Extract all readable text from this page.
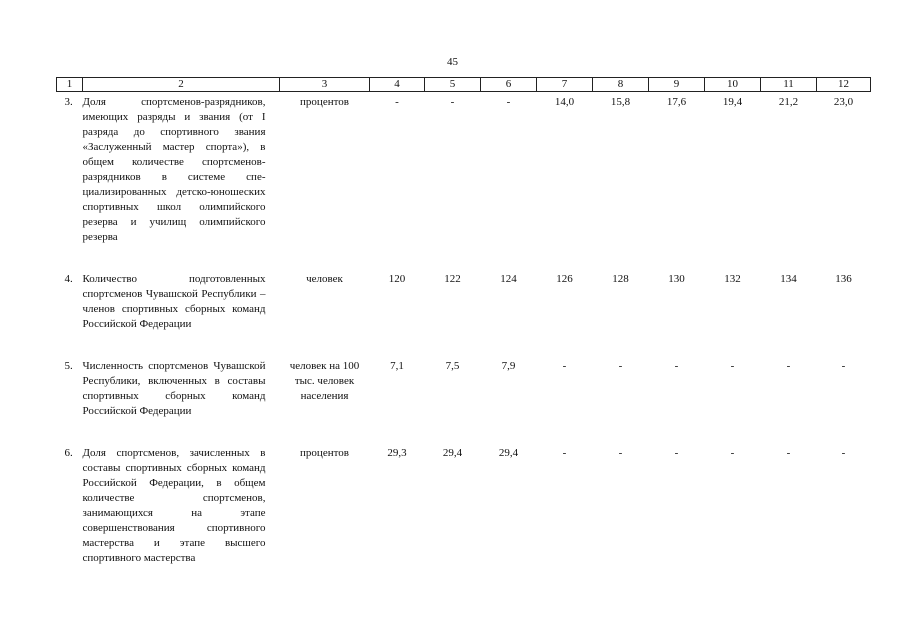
45
1	2	3	4	5	6	7	8	9	10	11	12
3.	Доля спортсменов-разрядников, имеющих разряды и звания (от I разряда до спортивного звания «Заслуженный мастер спорта»), в общем количестве спортсменов-разрядников в системе специализированных детско-юношеских спортивных школ олимпийского резерва и училищ олимпийского резерва	процентов	-	-	-	14,0	15,8	17,6	19,4	21,2	23,0
4.	Количество подготовленных спортсменов Чувашской Республики – членов спортивных сборных команд Российской Федерации	человек	120	122	124	126	128	130	132	134	136
5.	Численность спортсменов Чувашской Республики, включенных в составы спортивных сборных команд Российской Федерации	человек на 100 тыс. человек населения	7,1	7,5	7,9	-	-	-	-	-	-
6.	Доля спортсменов, зачисленных в составы спортивных сборных команд Российской Федерации, в общем количестве спортсменов, занимающихся на этапе совершенствования спортивного мастерства и этапе высшего спортивного мастерства	процентов	29,3	29,4	29,4	-	-	-	-	-	-
